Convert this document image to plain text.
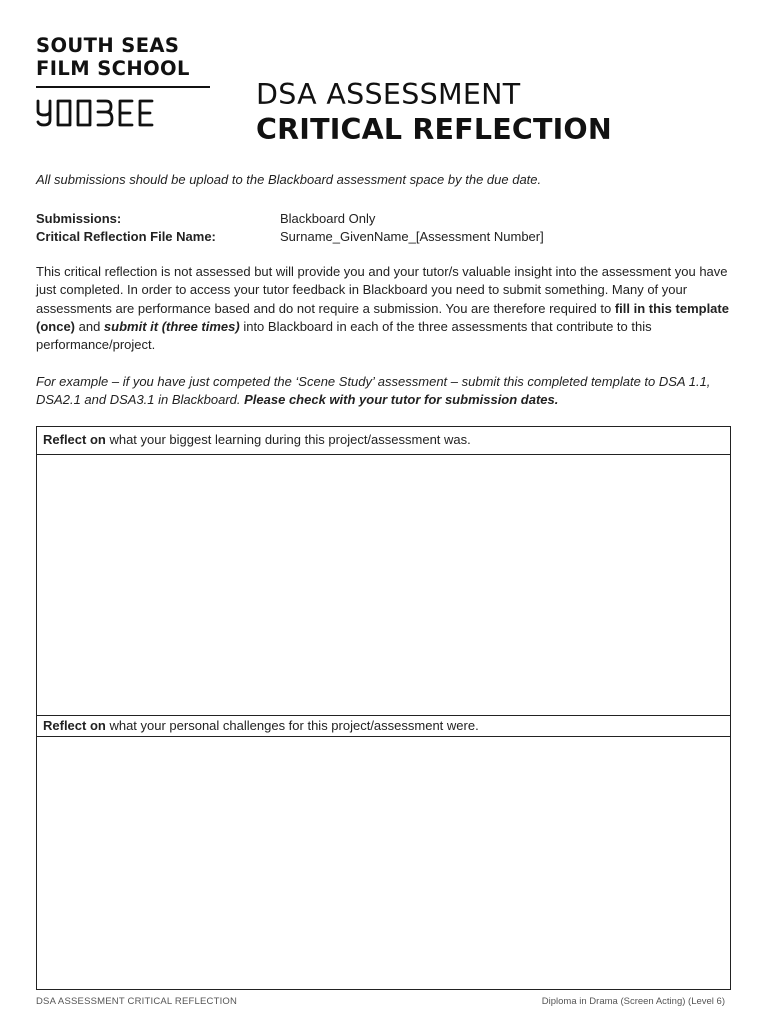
SOUTH SEAS
FILM SCHOOL
DSA ASSESSMENT
CRITICAL REFLECTION
All submissions should be upload to the Blackboard assessment space by the due date.
Submissions:	Blackboard Only
Critical Reflection File Name:	Surname_GivenName_[Assessment Number]
This critical reflection is not assessed but will provide you and your tutor/s valuable insight into the assessment you have just completed. In order to access your tutor feedback in Blackboard you need to submit something. Many of your assessments are performance based and do not require a submission. You are therefore required to fill in this template (once) and submit it (three times) into Blackboard in each of the three assessments that contribute to this performance/project.
For example – if you have just competed the ‘Scene Study’ assessment – submit this completed template to DSA 1.1, DSA2.1 and DSA3.1 in Blackboard. Please check with your tutor for submission dates.
Reflect on what your biggest learning during this project/assessment was.
Reflect on what your personal challenges for this project/assessment were.
DSA ASSESSMENT CRITICAL REFLECTION	Diploma in Drama (Screen Acting) (Level 6)
